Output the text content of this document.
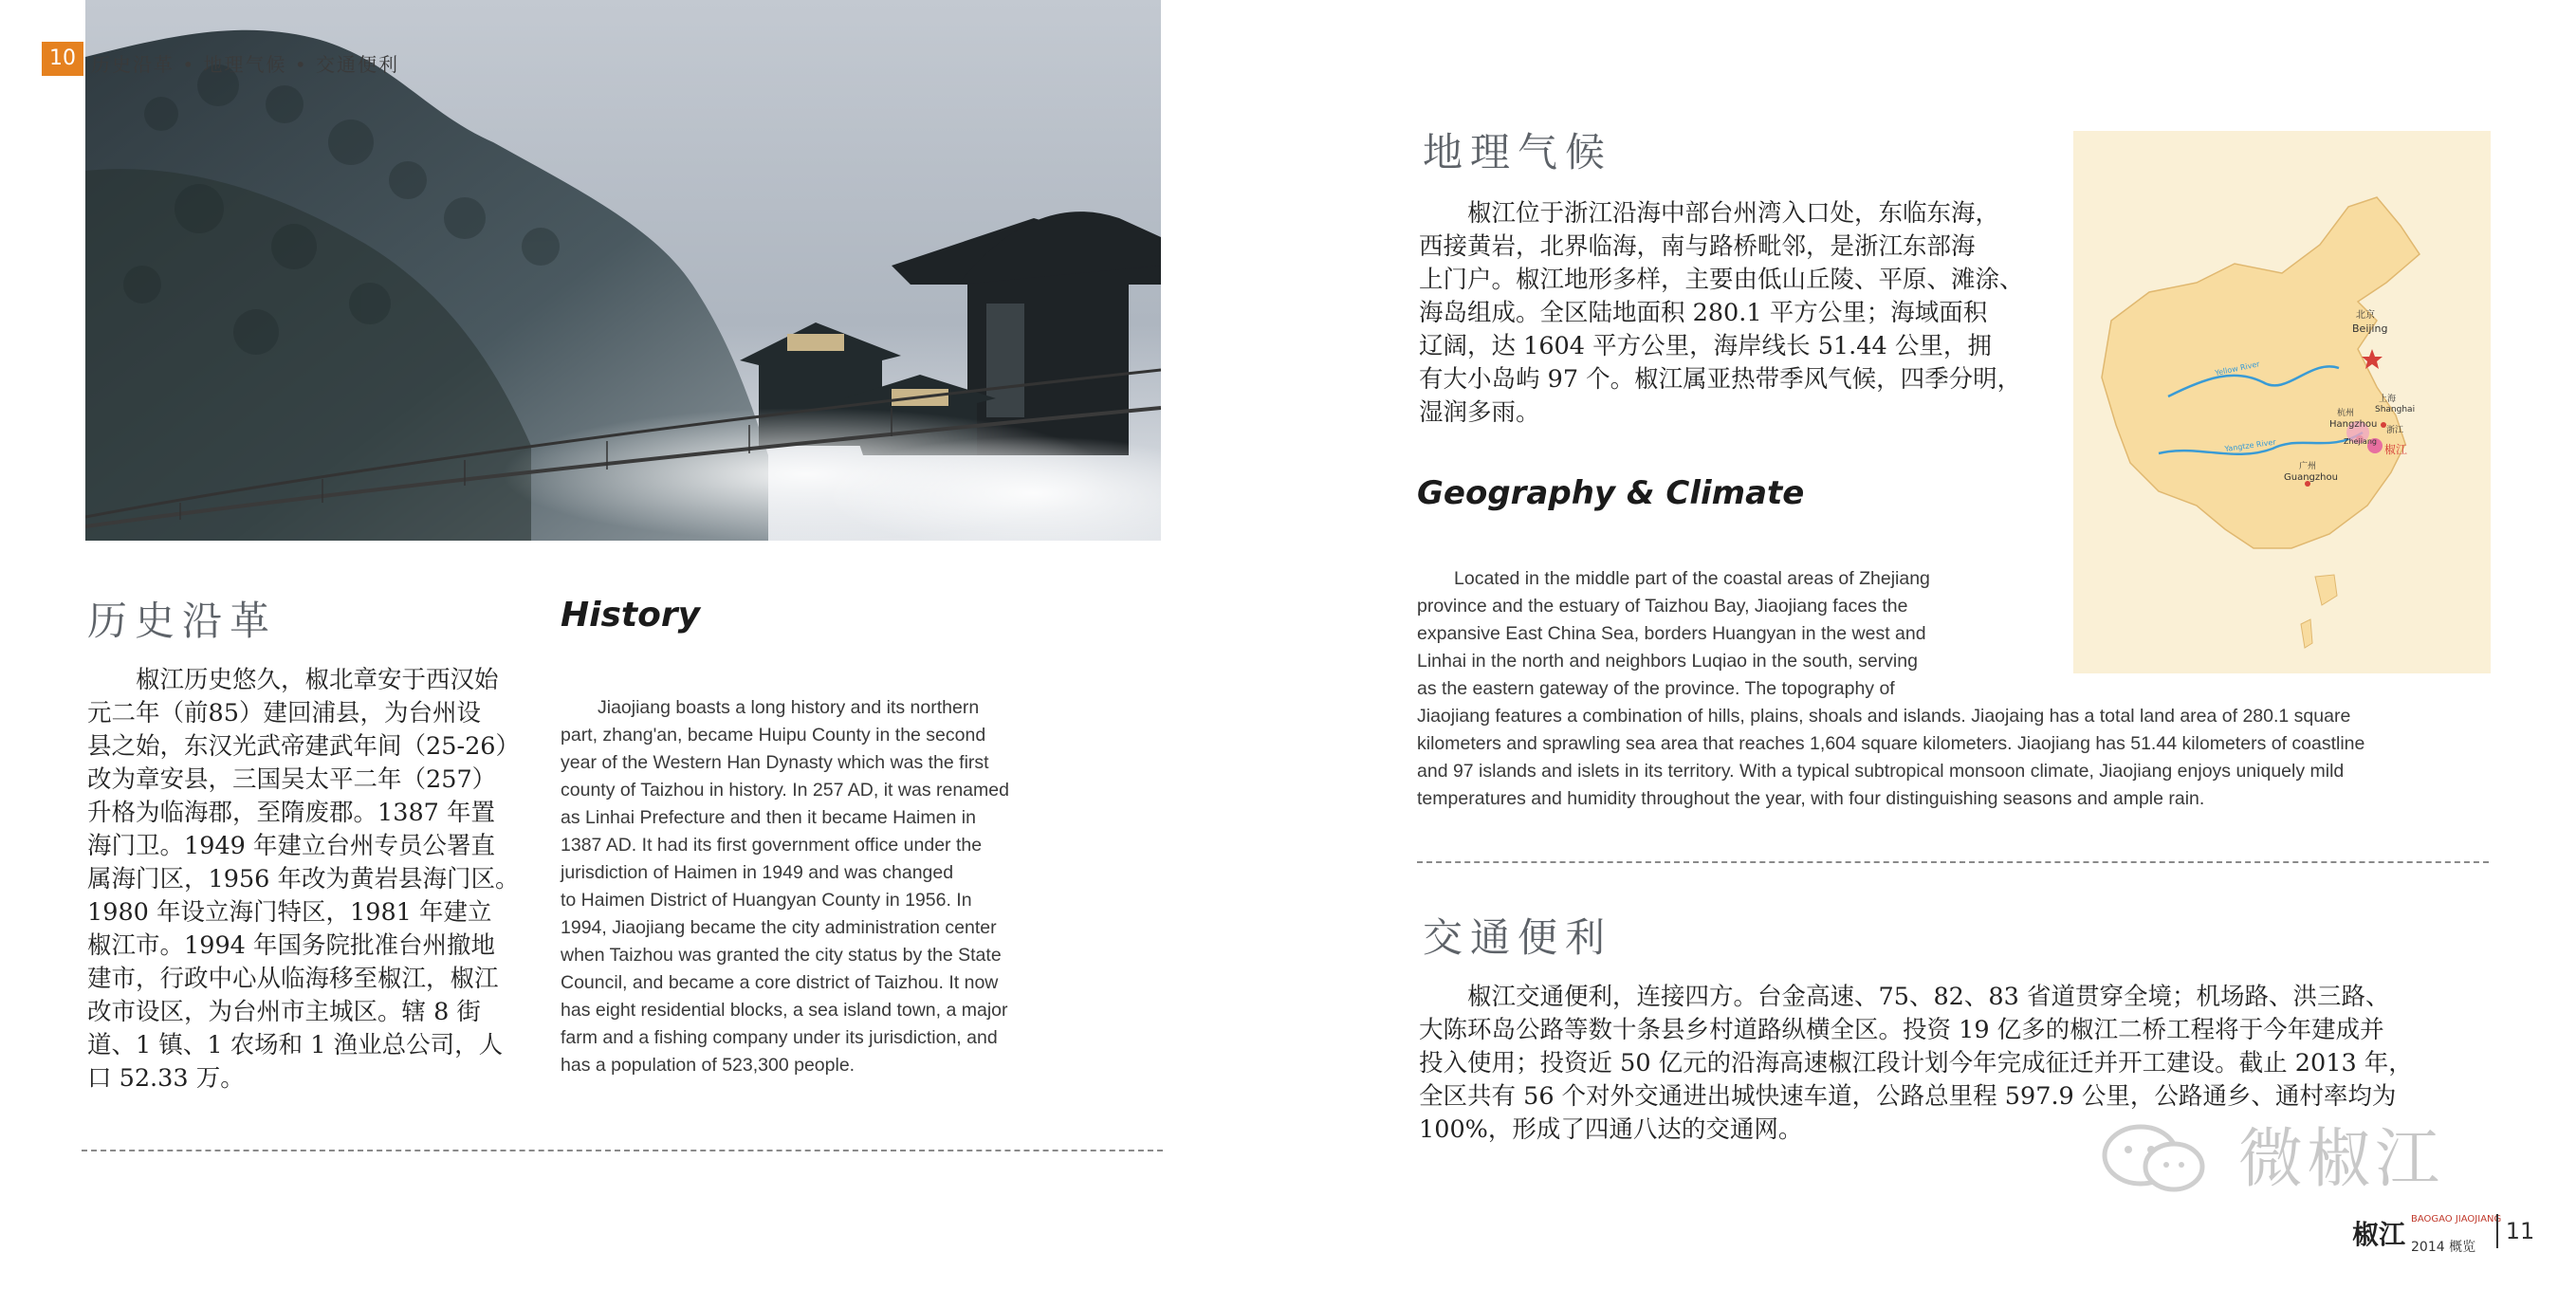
10 历史沿革 • 地理气候 • 交通便利
历史沿革	History
　　椒江历史悠久，椒北章安于西汉始
元二年（前85）建回浦县，为台州设
县之始，东汉光武帝建武年间（25-26）
改为章安县，三国吴太平二年（257）
升格为临海郡，至隋废郡。1387 年置
海门卫。1949 年建立台州专员公署直
属海门区，1956 年改为黄岩县海门区。
1980 年设立海门特区，1981 年建立
椒江市。1994 年国务院批准台州撤地
建市，行政中心从临海移至椒江，椒江
改市设区，为台州市主城区。辖 8 街
道、1 镇、1 农场和 1 渔业总公司，人
口 52.33 万。
　　Jiaojiang boasts a long history and its northern
part, zhang'an, became Huipu County in the second
year of the Western Han Dynasty which was the first
county of Taizhou in history. In 257 AD, it was renamed
as Linhai Prefecture and then it became Haimen in
1387 AD. It had its first government office under the
jurisdiction of Haimen in 1949 and was changed
to Haimen District of Huangyan County in 1956. In
1994, Jiaojiang became the city administration center
when Taizhou was granted the city status by the State
Council, and became a core district of Taizhou. It now
has eight residential blocks, a sea island town, a major
farm and a fishing company under its jurisdiction, and
has a population of 523,300 people.
地理气候
　　椒江位于浙江沿海中部台州湾入口处，东临东海，
西接黄岩，北界临海，南与路桥毗邻，是浙江东部海
上门户。椒江地形多样，主要由低山丘陵、平原、滩涂、
海岛组成。全区陆地面积 280.1 平方公里；海域面积
辽阔，达 1604 平方公里，海岸线长 51.44 公里，拥
有大小岛屿 97 个。椒江属亚热带季风气候，四季分明，
湿润多雨。
Geography & Climate
　　Located in the middle part of the coastal areas of Zhejiang
province and the estuary of Taizhou Bay, Jiaojiang faces the
expansive East China Sea, borders Huangyan in the west and
Linhai in the north and neighbors Luqiao in the south, serving
as the eastern gateway of the province. The topography of
Jiaojiang features a combination of hills, plains, shoals and islands. Jiaojaing has a total land area of 280.1 square
kilometers and sprawling sea area that reaches 1,604 square kilometers. Jiaojiang has 51.44 kilometers of coastline
and 97 islands and islets in its territory. With a typical subtropical monsoon climate, Jiaojiang enjoys uniquely mild
temperatures and humidity throughout the year, with four distinguishing seasons and ample rain.
北京
Beijing
上海
Shanghai
杭州
Hangzhou
浙江
Zhejiang
椒江
广州
Guangzhou
Yellow River
Yangtze River
交通便利
　　椒江交通便利，连接四方。台金高速、75、82、83 省道贯穿全境；机场路、洪三路、
大陈环岛公路等数十条县乡村道路纵横全区。投资 19 亿多的椒江二桥工程将于今年建成并
投入使用；投资近 50 亿元的沿海高速椒江段计划今年完成征迁并开工建设。截止 2013 年，
全区共有 56 个对外交通进出城快速车道，公路总里程 597.9 公里，公路通乡、通村率均为
100%，形成了四通八达的交通网。	微椒江
椒江 BAOGAO JIAOJIANG
2014 概览
11
